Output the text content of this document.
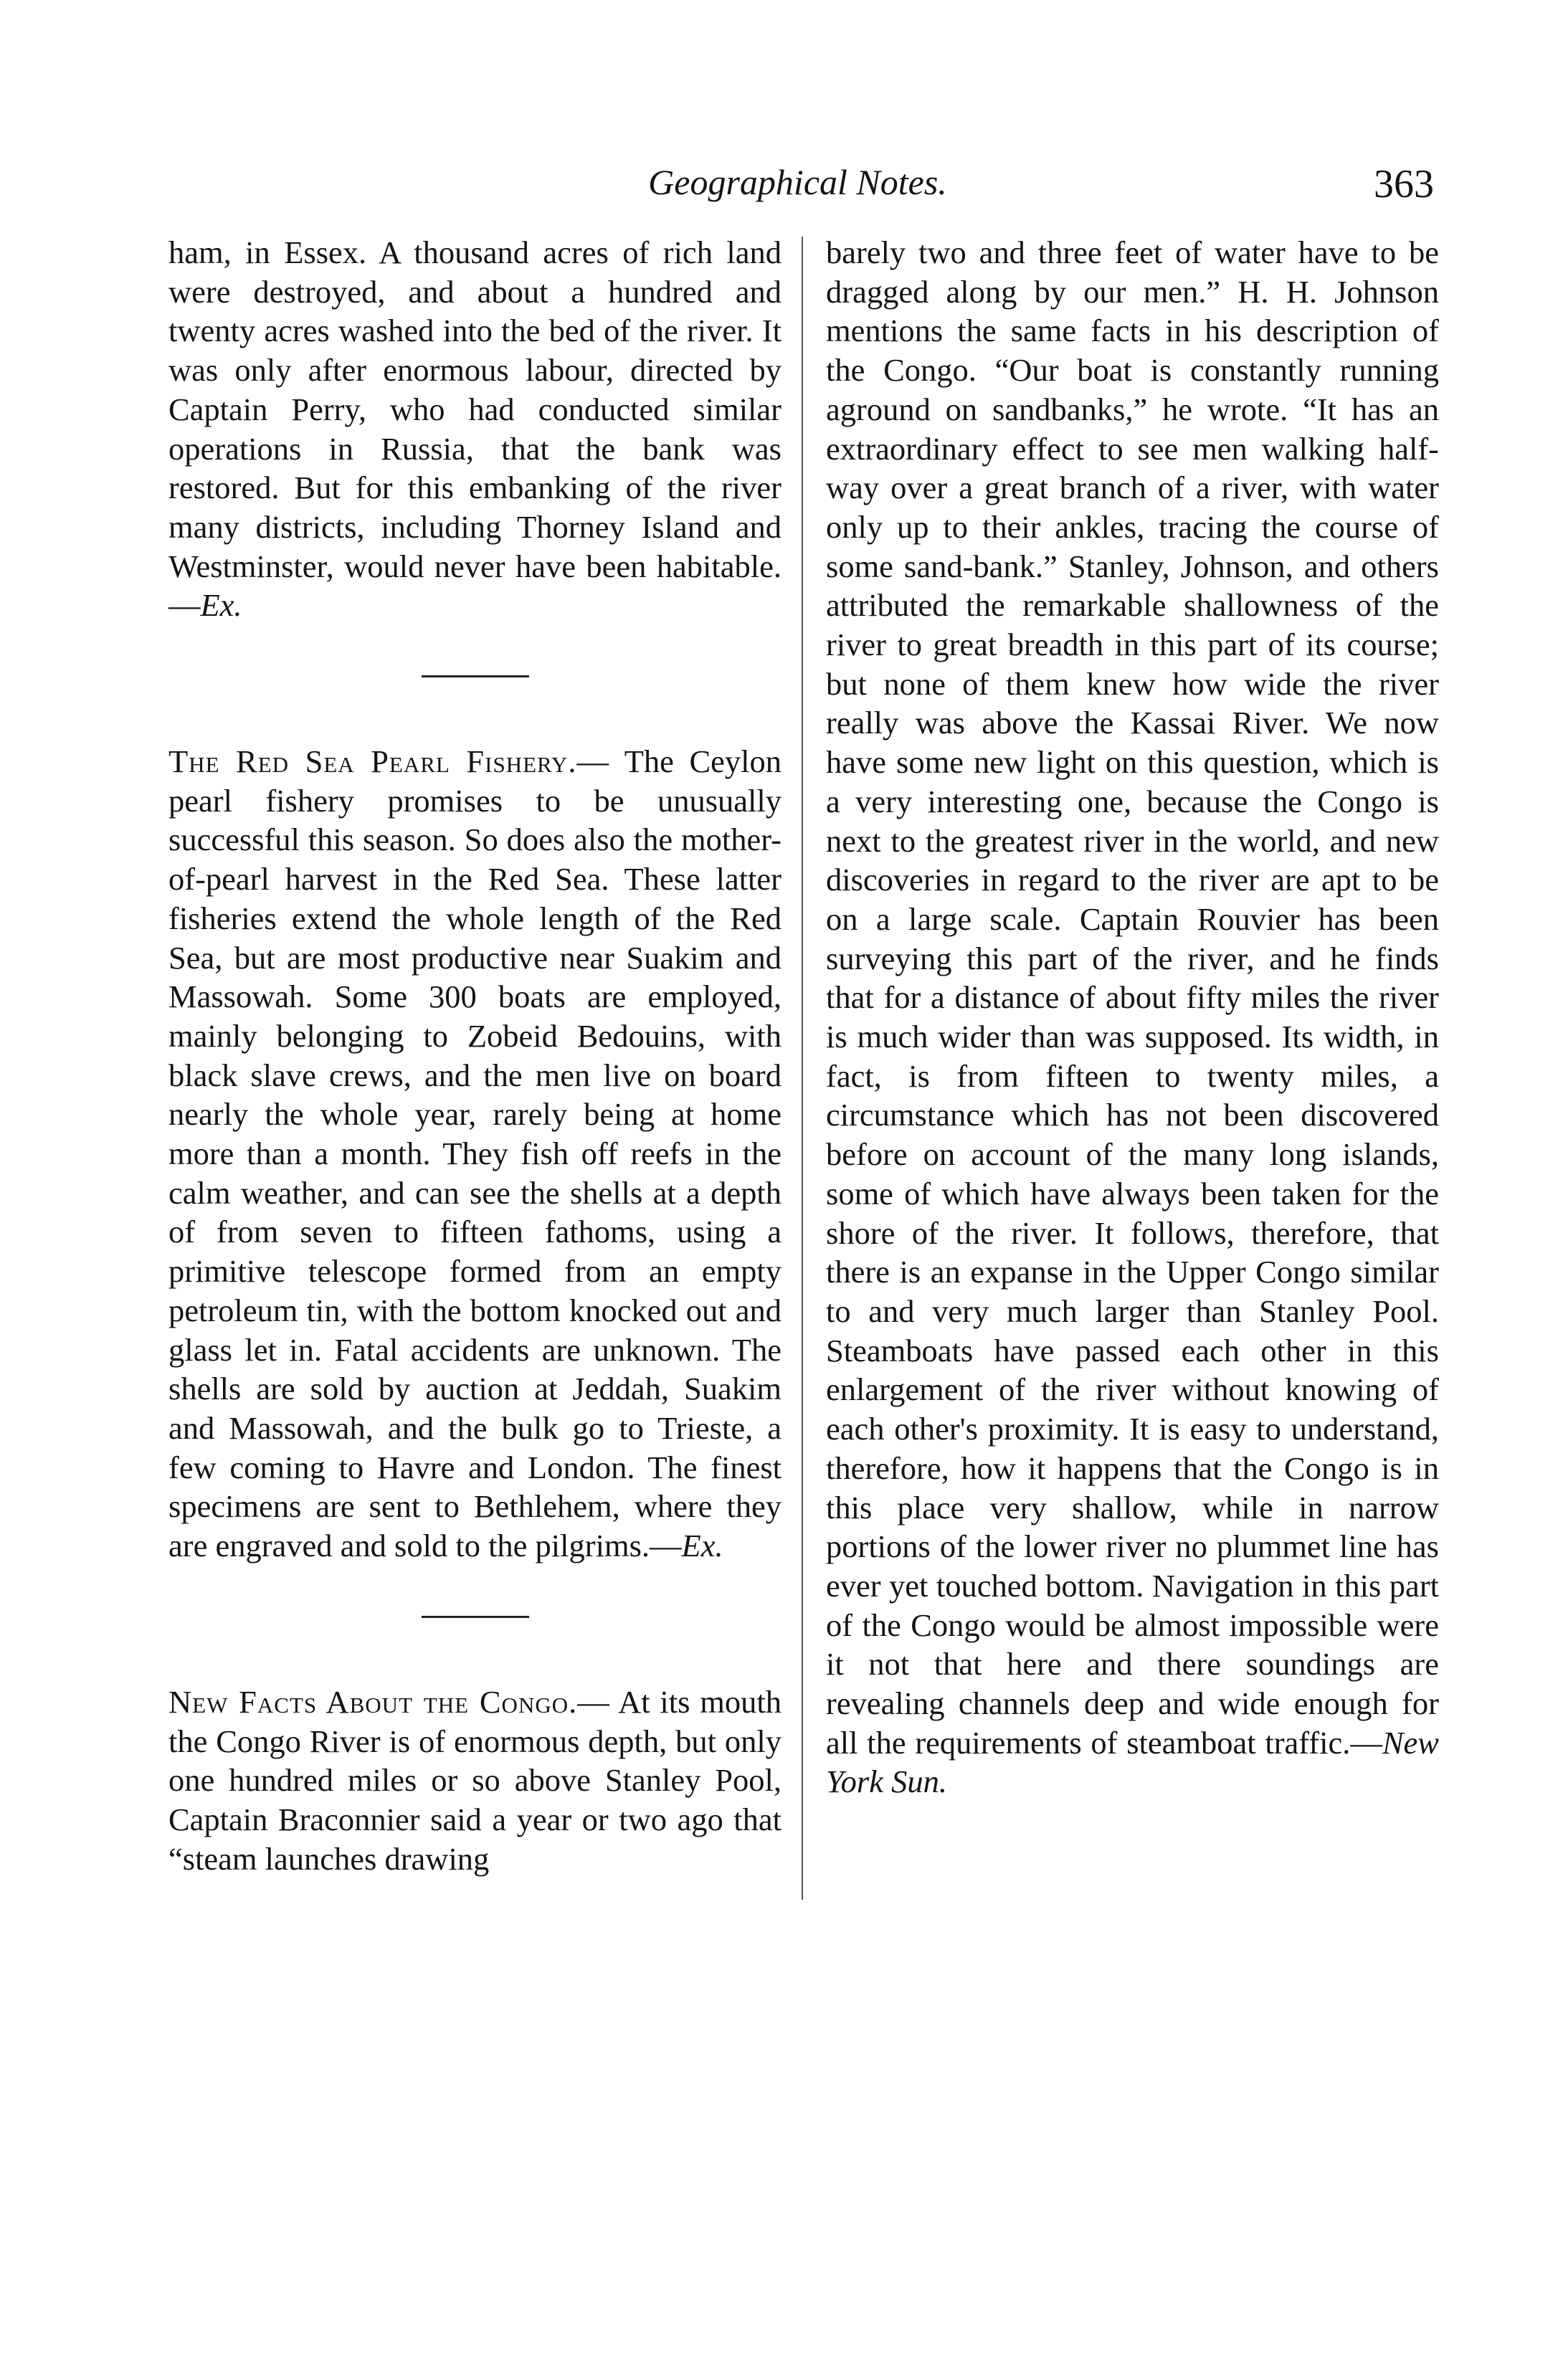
Geographical Notes.	363

ham, in Essex. A thousand acres of rich land were destroyed, and about a hundred and twenty acres washed into the bed of the river. It was only after enormous labour, directed by Captain Perry, who had conducted similar operations in Russia, that the bank was restored. But for this embanking of the river many districts, including Thorney Island and Westminster, would never have been habitable.—Ex.

The Red Sea Pearl Fishery.— The Ceylon pearl fishery promises to be unusually successful this season. So does also the mother-of-pearl harvest in the Red Sea. These latter fisheries extend the whole length of the Red Sea, but are most productive near Suakim and Massowah. Some 300 boats are employed, mainly belonging to Zobeid Bedouins, with black slave crews, and the men live on board nearly the whole year, rarely being at home more than a month. They fish off reefs in the calm weather, and can see the shells at a depth of from seven to fifteen fathoms, using a primitive telescope formed from an empty petroleum tin, with the bottom knocked out and glass let in. Fatal accidents are unknown. The shells are sold by auction at Jeddah, Suakim and Massowah, and the bulk go to Trieste, a few coming to Havre and London. The finest specimens are sent to Bethlehem, where they are engraved and sold to the pilgrims.—Ex.

New Facts About the Congo.— At its mouth the Congo River is of enormous depth, but only one hundred miles or so above Stanley Pool, Captain Braconnier said a year or two ago that “steam launches drawing

barely two and three feet of water have to be dragged along by our men.” H. H. Johnson mentions the same facts in his description of the Congo. “Our boat is constantly running aground on sandbanks,” he wrote. “It has an extraordinary effect to see men walking half-way over a great branch of a river, with water only up to their ankles, tracing the course of some sand-bank.” Stanley, Johnson, and others attributed the remarkable shallowness of the river to great breadth in this part of its course; but none of them knew how wide the river really was above the Kassai River. We now have some new light on this question, which is a very interesting one, because the Congo is next to the greatest river in the world, and new discoveries in regard to the river are apt to be on a large scale. Captain Rouvier has been surveying this part of the river, and he finds that for a distance of about fifty miles the river is much wider than was supposed. Its width, in fact, is from fifteen to twenty miles, a circumstance which has not been discovered before on account of the many long islands, some of which have always been taken for the shore of the river. It follows, therefore, that there is an expanse in the Upper Congo similar to and very much larger than Stanley Pool. Steamboats have passed each other in this enlargement of the river without knowing of each other's proximity. It is easy to understand, therefore, how it happens that the Congo is in this place very shallow, while in narrow portions of the lower river no plummet line has ever yet touched bottom. Navigation in this part of the Congo would be almost impossible were it not that here and there soundings are revealing channels deep and wide enough for all the requirements of steamboat traffic.—New York Sun.
